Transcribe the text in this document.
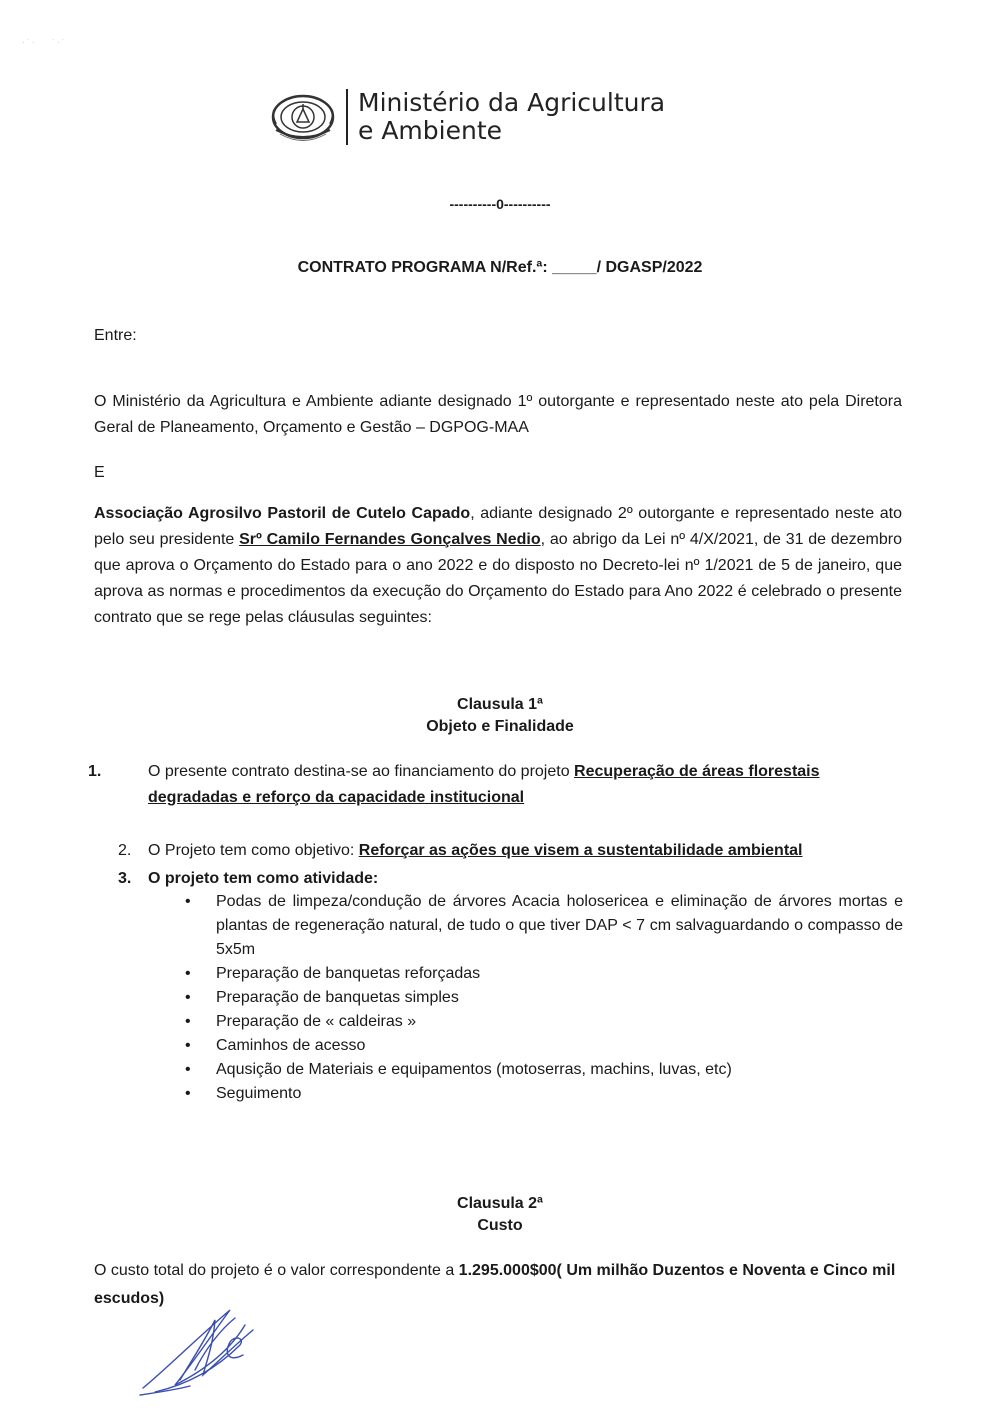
· ˙ ·        ˙ · ˙
Ministério da Agricultura
e Ambiente
----------0----------
CONTRATO PROGRAMA N/Ref.ª: _____/ DGASP/2022

Entre:

O Ministério da Agricultura e Ambiente adiante designado 1º outorgante e representado neste ato pela Diretora Geral de Planeamento, Orçamento e Gestão – DGPOG-MAA

E

Associação Agrosilvo Pastoril de Cutelo Capado, adiante designado 2º outorgante e representado neste ato pelo seu presidente Srº Camilo Fernandes Gonçalves Nedio, ao abrigo da Lei nº 4/X/2021, de 31 de dezembro que aprova o Orçamento do Estado para o ano 2022 e do disposto no Decreto-lei nº 1/2021 de 5 de janeiro, que aprova as normas e procedimentos da execução do Orçamento do Estado para Ano 2022 é celebrado o presente contrato que se rege pelas cláusulas seguintes:

Clausula 1ª
Objeto e Finalidade

1.	O presente contrato destina-se ao financiamento do projeto Recuperação de áreas florestais degradadas e reforço da capacidade institucional

2. O Projeto tem como objetivo: Reforçar as ações que visem a sustentabilidade ambiental

3. O projeto tem como atividade:

• Podas de limpeza/condução de árvores Acacia holosericea e eliminação de árvores mortas e plantas de regeneração natural, de tudo o que tiver DAP < 7 cm salvaguardando o compasso de 5x5m
• Preparação de banquetas reforçadas
• Preparação de banquetas simples
• Preparação de « caldeiras »
• Caminhos de acesso
• Aqusição de Materiais e equipamentos (motoserras, machins, luvas, etc)
• Seguimento
Clausula 2ª
Custo

O custo total do projeto é o valor correspondente a 1.295.000$00( Um milhão Duzentos e Noventa e Cinco mil escudos)
